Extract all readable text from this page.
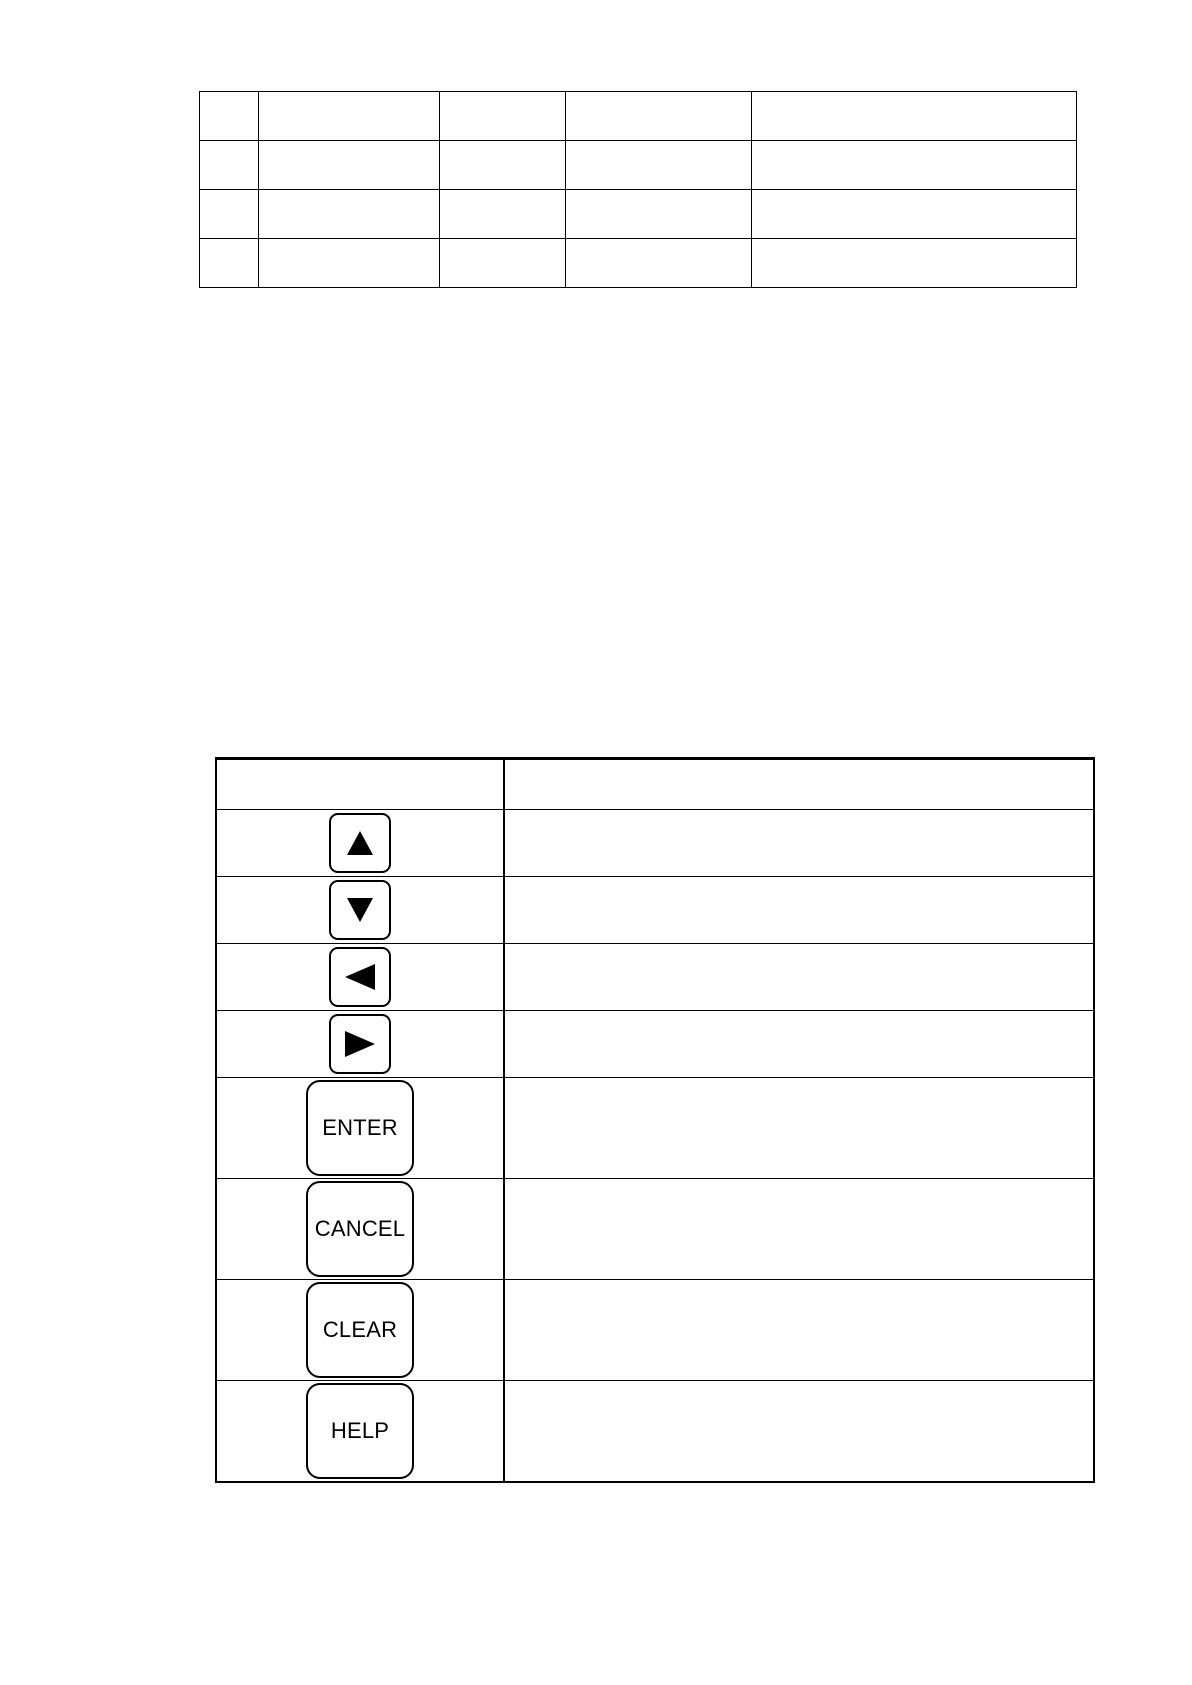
ENTER	
CANCEL	
CLEAR	
HELP	
